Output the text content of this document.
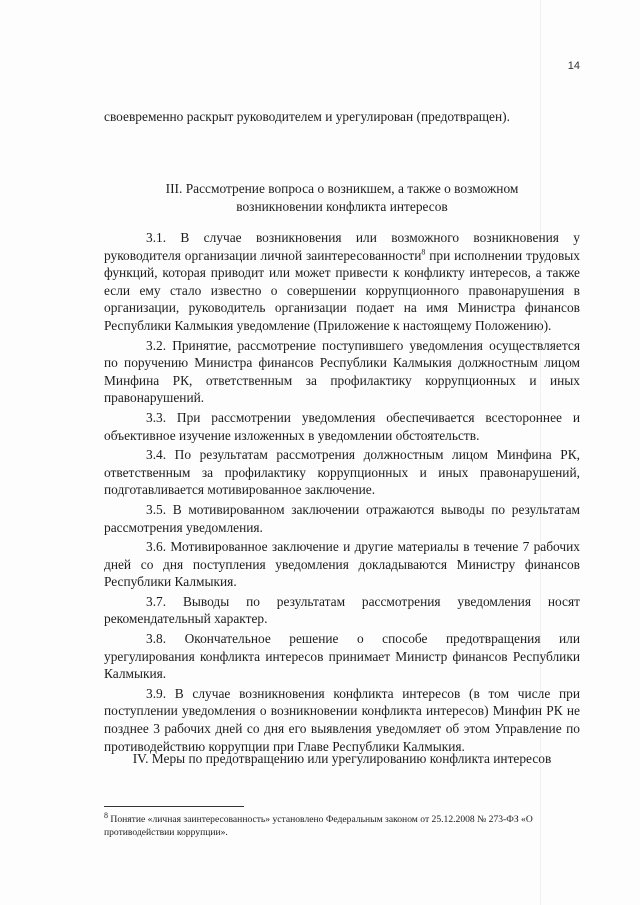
14

своевременно раскрыт руководителем и урегулирован (предотвращен).

III. Рассмотрение вопроса о возникшем, а также о возможном
возникновении конфликта интересов

3.1. В случае возникновения или возможного возникновения у руководителя организации личной заинтересованности$^8$ при исполнении трудовых функций, которая приводит или может привести к конфликту интересов, а также если ему стало известно о совершении коррупционного правонарушения в организации, руководитель организации подает на имя Министра финансов Республики Калмыкия уведомление (Приложение к настоящему Положению).

3.2. Принятие, рассмотрение поступившего уведомления осуществляется по поручению Министра финансов Республики Калмыкия должностным лицом Минфина РК, ответственным за профилактику коррупционных и иных правонарушений.

3.3. При рассмотрении уведомления обеспечивается всестороннее и объективное изучение изложенных в уведомлении обстоятельств.

3.4. По результатам рассмотрения должностным лицом Минфина РК, ответственным за профилактику коррупционных и иных правонарушений, подготавливается мотивированное заключение.

3.5. В мотивированном заключении отражаются выводы по результатам рассмотрения уведомления.

3.6. Мотивированное заключение и другие материалы в течение 7 рабочих дней со дня поступления уведомления докладываются Министру финансов Республики Калмыкия.

3.7. Выводы по результатам рассмотрения уведомления носят рекомендательный характер.

3.8. Окончательное решение о способе предотвращения или урегулирования конфликта интересов принимает Министр финансов Республики Калмыкия.

3.9. В случае возникновения конфликта интересов (в том числе при поступлении уведомления о возникновении конфликта интересов) Минфин РК не позднее 3 рабочих дней со дня его выявления уведомляет об этом Управление по противодействию коррупции при Главе Республики Калмыкия.

IV. Меры по предотвращению или урегулированию конфликта интересов
$^8$ Понятие «личная заинтересованность» установлено Федеральным законом от 25.12.2008 № 273-ФЗ «О противодействии коррупции».
